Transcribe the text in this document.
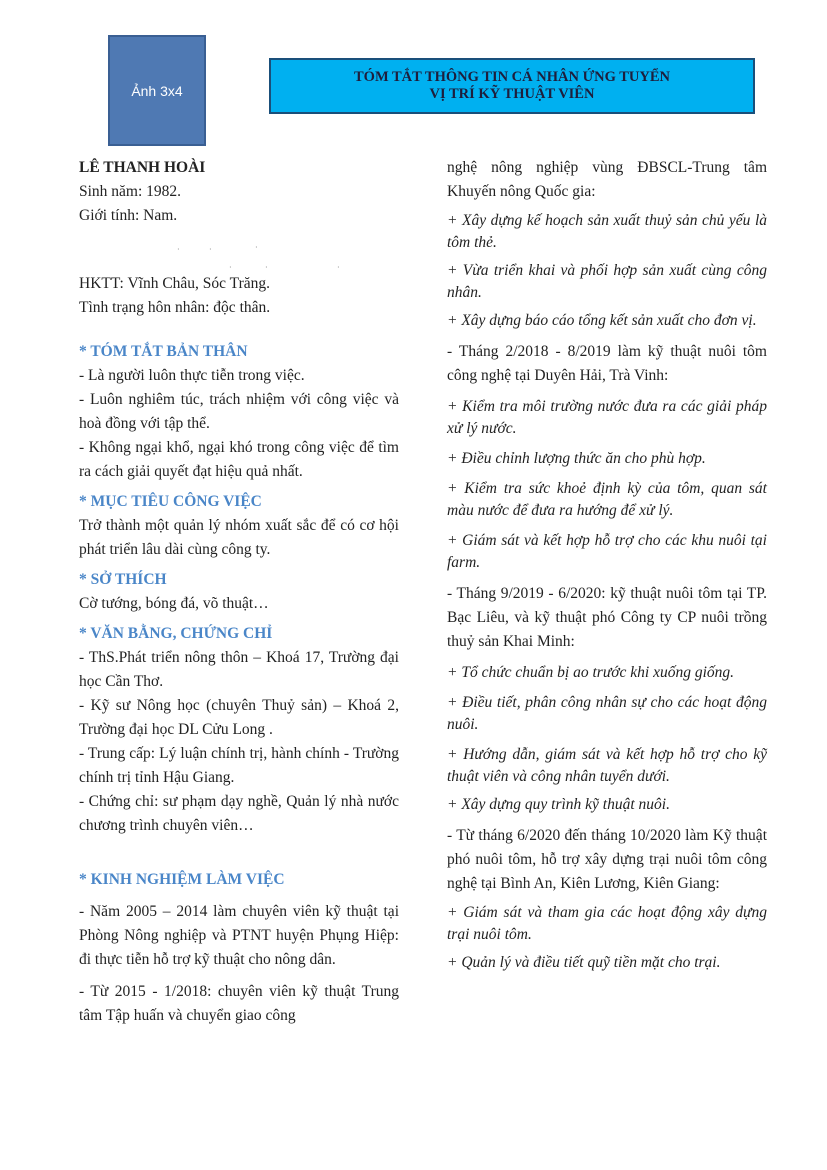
Ảnh 3x4
TÓM TẮT THÔNG TIN CÁ NHÂN ỨNG TUYỂN
VỊ TRÍ KỸ THUẬT VIÊN
LÊ THANH HOÀI
Sinh năm: 1982.
Giới tính: Nam.
·	·	·
·	·	·
HKTT: Vĩnh Châu, Sóc Trăng.
Tình trạng hôn nhân: độc thân.
* TÓM TẮT BẢN THÂN
- Là người luôn thực tiễn trong việc.
- Luôn nghiêm túc, trách nhiệm với công việc và hoà đồng với tập thể.
- Không ngại khổ, ngại khó trong công việc để tìm ra cách giải quyết đạt hiệu quả nhất.
* MỤC TIÊU CÔNG VIỆC
Trở thành một quản lý nhóm xuất sắc để có cơ hội phát triển lâu dài cùng công ty.
* SỞ THÍCH
Cờ tướng, bóng đá, võ thuật…
* VĂN BẰNG, CHỨNG CHỈ
- ThS.Phát triển nông thôn – Khoá 17, Trường đại học Cần Thơ.
- Kỹ sư Nông học (chuyên Thuỷ sản) – Khoá 2, Trường đại học DL Cửu Long .
- Trung cấp: Lý luận chính trị, hành chính - Trường chính trị tỉnh Hậu Giang.
- Chứng chỉ: sư phạm dạy nghề, Quản lý nhà nước chương trình chuyên viên…
* KINH NGHIỆM LÀM VIỆC
- Năm 2005 – 2014 làm chuyên viên kỹ thuật tại Phòng Nông nghiệp và PTNT huyện Phụng Hiệp: đi thực tiễn hỗ trợ kỹ thuật cho nông dân.
- Từ 2015 - 1/2018: chuyên viên kỹ thuật Trung tâm Tập huấn và chuyển giao công
nghệ nông nghiệp vùng ĐBSCL-Trung tâm Khuyến nông Quốc gia:
+ Xây dựng kế hoạch sản xuất thuỷ sản chủ yếu là tôm thẻ.
+ Vừa triển khai và phối hợp sản xuất cùng công nhân.
+ Xây dựng báo cáo tổng kết sản xuất cho đơn vị.
- Tháng 2/2018 - 8/2019 làm kỹ thuật nuôi tôm công nghệ tại Duyên Hải, Trà Vinh:
+ Kiểm tra môi trường nước đưa ra các giải pháp xử lý nước.
+ Điều chỉnh lượng thức ăn cho phù hợp.
+ Kiểm tra sức khoẻ định kỳ của tôm, quan sát màu nước để đưa ra hướng để xử lý.
+ Giám sát và kết hợp hỗ trợ cho các khu nuôi tại farm.
- Tháng 9/2019 - 6/2020: kỹ thuật nuôi tôm tại TP. Bạc Liêu, và kỹ thuật phó Công ty CP nuôi trồng thuỷ sản Khai Minh:
+ Tổ chức chuẩn bị ao trước khi xuống giống.
+ Điều tiết, phân công nhân sự cho các hoạt động nuôi.
+ Hướng dẫn, giám sát và kết hợp hỗ trợ cho kỹ thuật viên và công nhân tuyển dưới.
+ Xây dựng quy trình kỹ thuật nuôi.
- Từ tháng 6/2020 đến tháng 10/2020 làm Kỹ thuật phó nuôi tôm, hỗ trợ xây dựng trại nuôi tôm công nghệ tại Bình An, Kiên Lương, Kiên Giang:
+ Giám sát và tham gia các hoạt động xây dựng trại nuôi tôm.
+ Quản lý và điều tiết quỹ tiền mặt cho trại.
